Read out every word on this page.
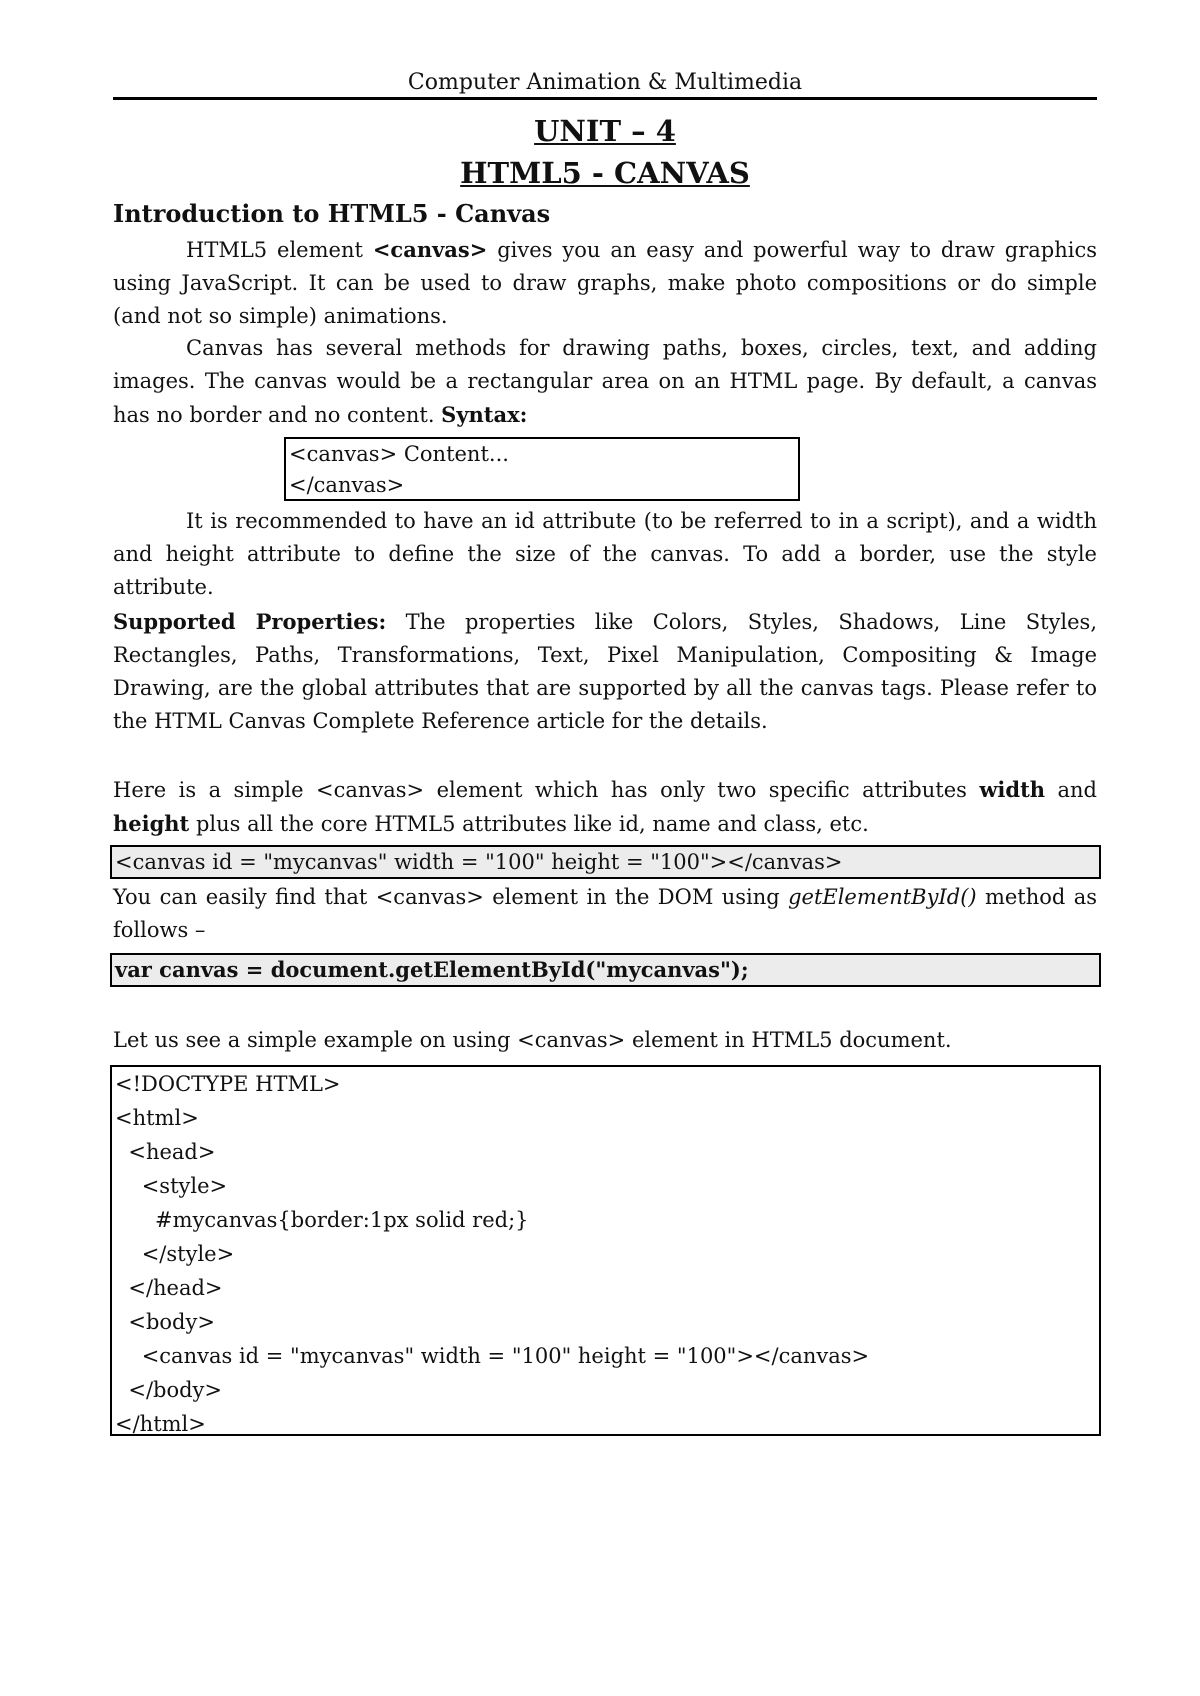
Computer Animation & Multimedia
UNIT – 4
HTML5 - CANVAS
Introduction to HTML5 - Canvas

HTML5 element <canvas> gives you an easy and powerful way to draw graphics using JavaScript. It can be used to draw graphs, make photo compositions or do simple (and not so simple) animations.

Canvas has several methods for drawing paths, boxes, circles, text, and adding images. The canvas would be a rectangular area on an HTML page. By default, a canvas has no border and no content. Syntax:

<canvas> Content...
</canvas>

It is recommended to have an id attribute (to be referred to in a script), and a width and height attribute to define the size of the canvas. To add a border, use the style attribute.

Supported Properties: The properties like Colors, Styles, Shadows, Line Styles, Rectangles, Paths, Transformations, Text, Pixel Manipulation, Compositing & Image Drawing, are the global attributes that are supported by all the canvas tags. Please refer to the HTML Canvas Complete Reference article for the details.

Here is a simple <canvas> element which has only two specific attributes width and height plus all the core HTML5 attributes like id, name and class, etc.

<canvas id = "mycanvas" width = "100" height = "100"></canvas>

You can easily find that <canvas> element in the DOM using getElementById() method as follows –

var canvas = document.getElementById("mycanvas");

Let us see a simple example on using <canvas> element in HTML5 document.

<!DOCTYPE HTML>
<html>
<head>
<style>
#mycanvas{border:1px solid red;}
</style>
</head>
<body>
<canvas id = "mycanvas" width = "100" height = "100"></canvas>
</body>
</html>
